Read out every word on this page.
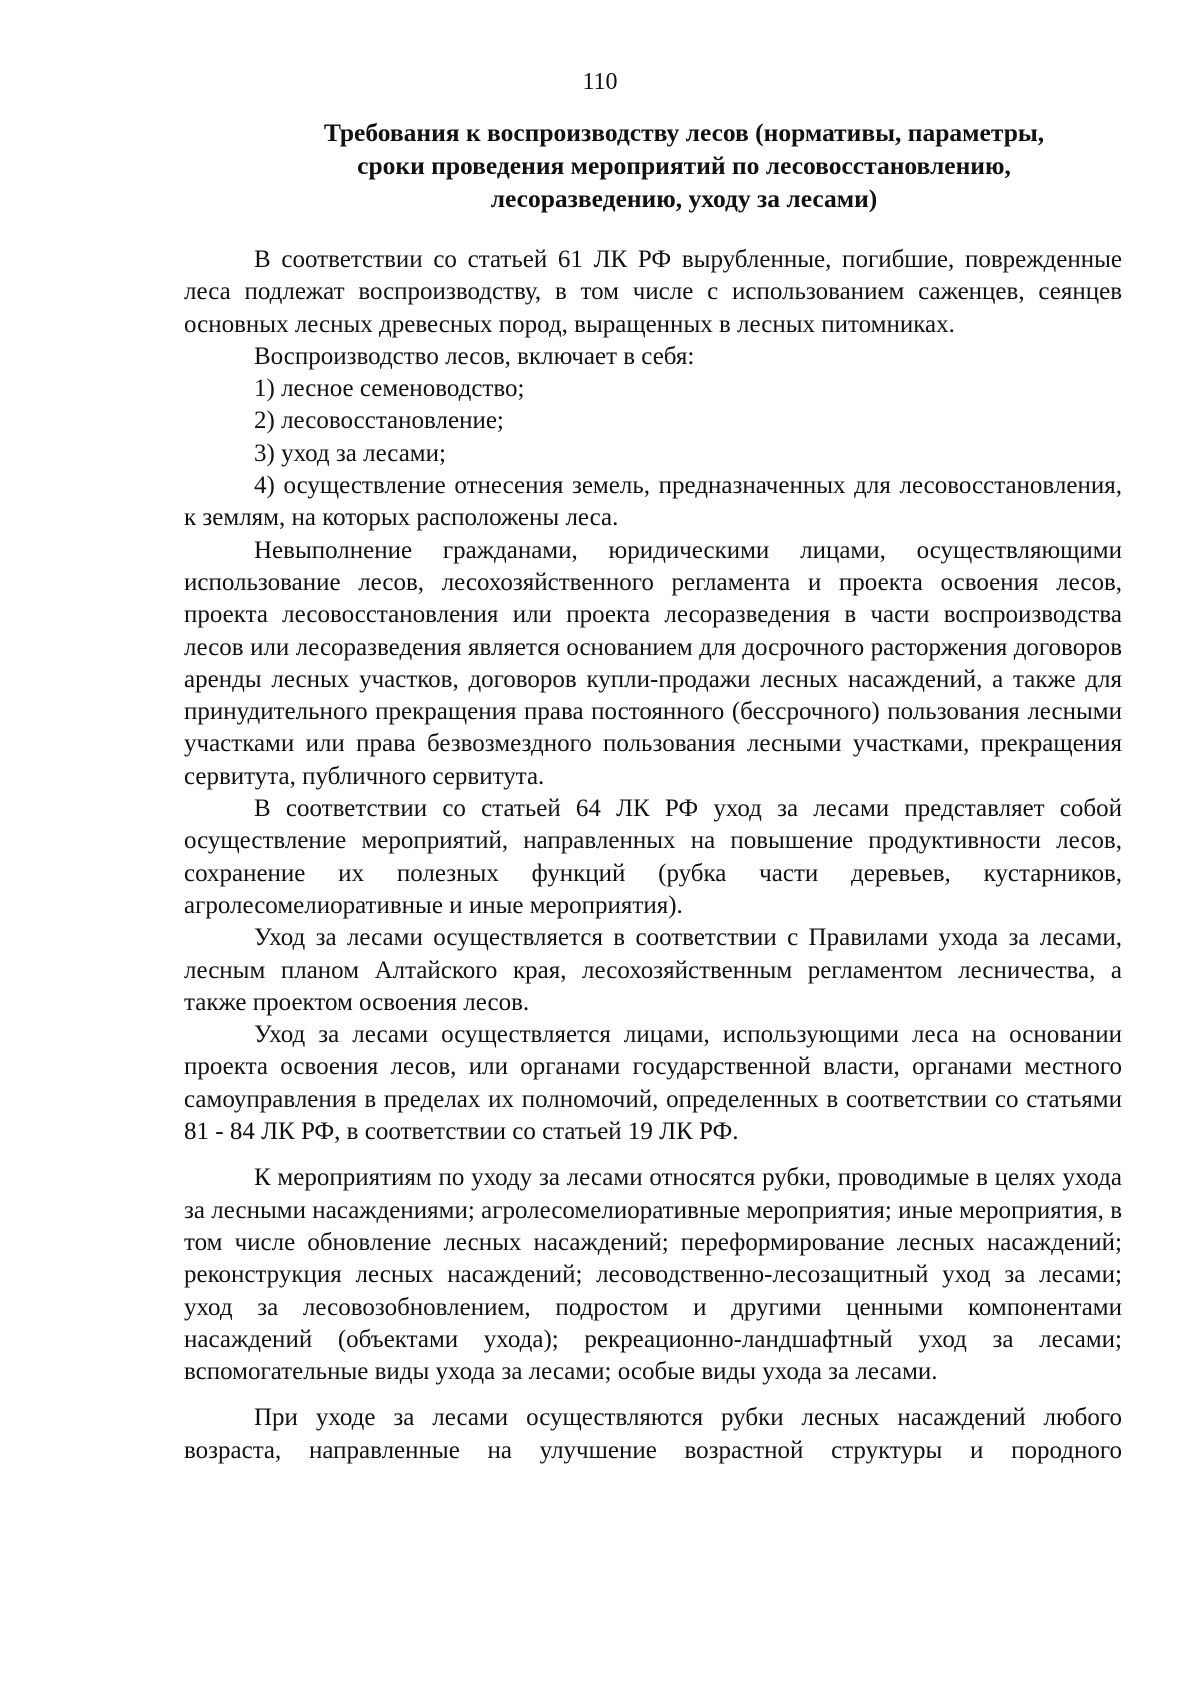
110
Требования к воспроизводству лесов (нормативы, параметры,
сроки проведения мероприятий по лесовосстановлению,
лесоразведению, уходу за лесами)

В соответствии со статьей 61 ЛК РФ вырубленные, погибшие, поврежденные леса подлежат воспроизводству, в том числе с использованием саженцев, сеянцев основных лесных древесных пород, выращенных в лесных питомниках.

Воспроизводство лесов, включает в себя:

1) лесное семеноводство;

2) лесовосстановление;

3) уход за лесами;

4) осуществление отнесения земель, предназначенных для лесовосстановления, к землям, на которых расположены леса.

Невыполнение гражданами, юридическими лицами, осуществляющими использование лесов, лесохозяйственного регламента и проекта освоения лесов, проекта лесовосстановления или проекта лесоразведения в части воспроизводства лесов или лесоразведения является основанием для досрочного расторжения договоров аренды лесных участков, договоров купли-продажи лесных насаждений, а также для принудительного прекращения права постоянного (бессрочного) пользования лесными участками или права безвозмездного пользования лесными участками, прекращения сервитута, публичного сервитута.

В соответствии со статьей 64 ЛК РФ уход за лесами представляет собой осуществление мероприятий, направленных на повышение продуктивности лесов, сохранение их полезных функций (рубка части деревьев, кустарников, агролесомелиоративные и иные мероприятия).

Уход за лесами осуществляется в соответствии с Правилами ухода за лесами, лесным планом Алтайского края, лесохозяйственным регламентом лесничества, а также проектом освоения лесов.

Уход за лесами осуществляется лицами, использующими леса на основании проекта освоения лесов, или органами государственной власти, органами местного самоуправления в пределах их полномочий, определенных в соответствии со статьями 81 - 84 ЛК РФ, в соответствии со статьей 19 ЛК РФ.

К мероприятиям по уходу за лесами относятся рубки, проводимые в целях ухода за лесными насаждениями; агролесомелиоративные мероприятия; иные мероприятия, в том числе обновление лесных насаждений; переформирование лесных насаждений; реконструкция лесных насаждений; лесоводственно-лесозащитный уход за лесами; уход за лесовозобновлением, подростом и другими ценными компонентами насаждений (объектами ухода); рекреационно-ландшафтный уход за лесами; вспомогательные виды ухода за лесами; особые виды ухода за лесами.

При уходе за лесами осуществляются рубки лесных насаждений любого возраста, направленные на улучшение возрастной структуры и породного
